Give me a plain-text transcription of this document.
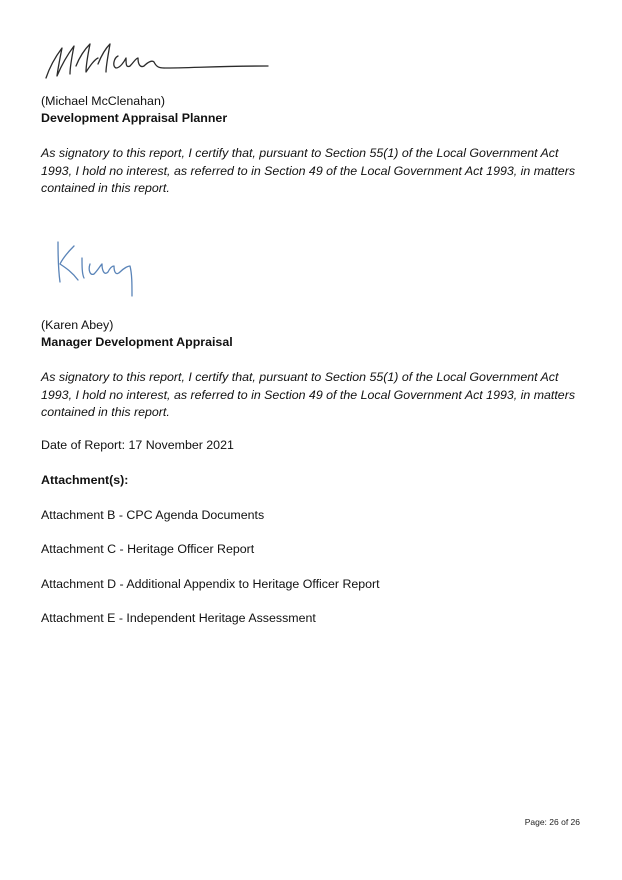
(Michael McClenahan)
Development Appraisal Planner
As signatory to this report, I certify that, pursuant to Section 55(1) of the Local Government Act
1993, I hold no interest, as referred to in Section 49 of the Local Government Act 1993, in matters
contained in this report.
(Karen Abey)
Manager Development Appraisal
As signatory to this report, I certify that, pursuant to Section 55(1) of the Local Government Act
1993, I hold no interest, as referred to in Section 49 of the Local Government Act 1993, in matters
contained in this report.
Date of Report: 17 November 2021
Attachment(s):
Attachment B - CPC Agenda Documents
Attachment C - Heritage Officer Report
Attachment D - Additional Appendix to Heritage Officer Report
Attachment E - Independent Heritage Assessment
Page: 26 of 26
